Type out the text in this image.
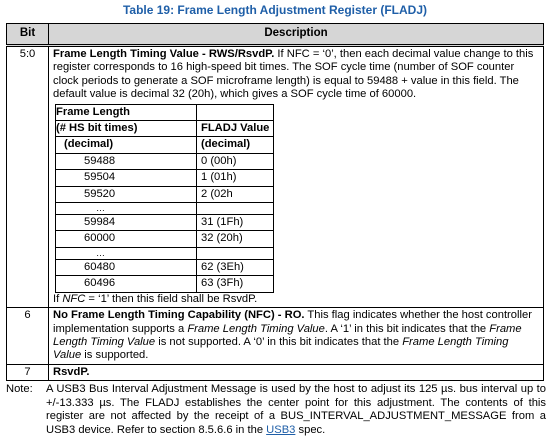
Table 19: Frame Length Adjustment Register (FLADJ)
Bit	Description
5:0	Frame Length Timing Value - RWS/RsvdP. If NFC = ‘0’, then each decimal value change to this register corresponds to 16 high-speed bit times. The SOF cycle time (number of SOF counter clock periods to generate a SOF microframe length) is equal to 59488 + value in this field. The default value is decimal 32 (20h), which gives a SOF cycle time of 60000.

Frame Length	
(# HS bit times)	FLADJ Value
(decimal)	(decimal)
59488	0 (00h)
59504	1 (01h)
59520	2 (02h
…	
59984	31 (1Fh)
60000	32 (20h)
…	
60480	62 (3Eh)
60496	63 (3Fh)

If NFC = ‘1’ then this field shall be RsvdP.

6	No Frame Length Timing Capability (NFC) - RO. This flag indicates whether the host controller implementation supports a Frame Length Timing Value. A ‘1’ in this bit indicates that the Frame Length Timing Value is not supported. A ‘0’ in this bit indicates that the Frame Length Timing Value is supported.

7	RsvdP.

Note: A USB3 Bus Interval Adjustment Message is used by the host to adjust its 125 µs. bus interval up to +/-13.333 µs. The FLADJ establishes the center point for this adjustment. The contents of this register are not affected by the receipt of a BUS_INTERVAL_ADJUSTMENT_MESSAGE from a USB3 device. Refer to section 8.5.6.6 in the USB3 spec.
